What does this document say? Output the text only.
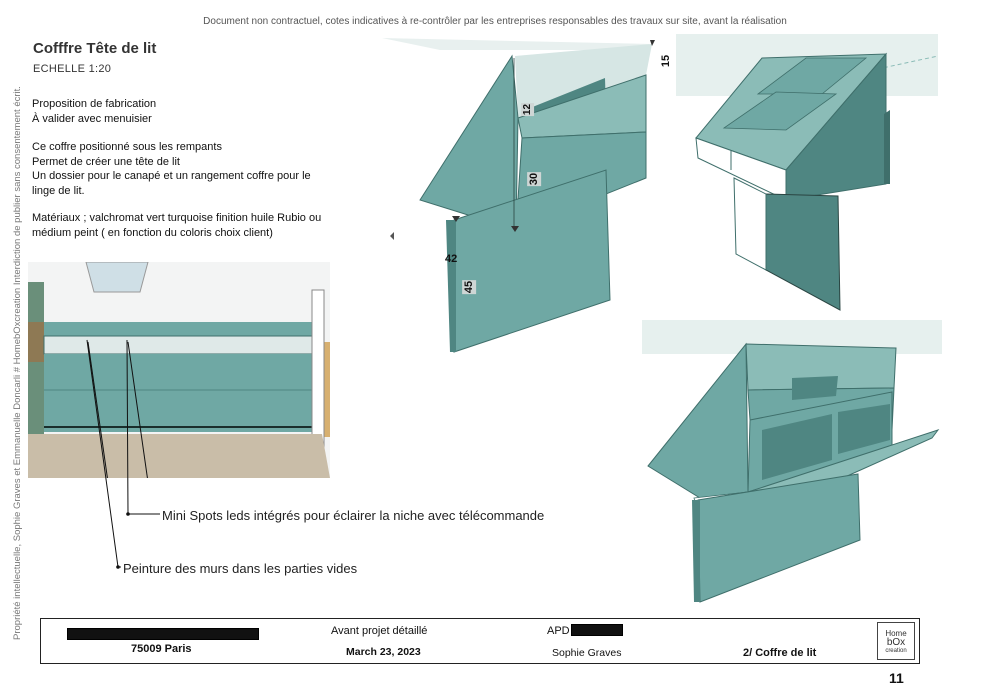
Document non contractuel, cotes indicatives à re-contrôler par les entreprises responsables des travaux sur site, avant la réalisation
Propriété intellectuelle, Sophie Graves et Emmanuelle Doncarli # HomebOxcreation Interdiction de publier sans consentement écrit.
Cofffre Tête de lit
ECHELLE 1:20
Proposition de fabrication
À valider avec menuisier
Ce coffre positionné sous les rempants
Permet de créer une tête de lit
Un dossier pour le canapé et un rangement coffre pour le linge de lit.
Matériaux ; valchromat vert turquoise finition huile Rubio ou médium peint ( en fonction du coloris choix client)
Mini Spots leds intégrés pour éclairer la niche avec télécommande
Peinture des murs dans les parties vides
15
12
30
42
45
75009 Paris
Avant projet détaillé
March 23, 2023
APD
Sophie Graves	2/ Coffre de lit
Home
bOx
creation
11
